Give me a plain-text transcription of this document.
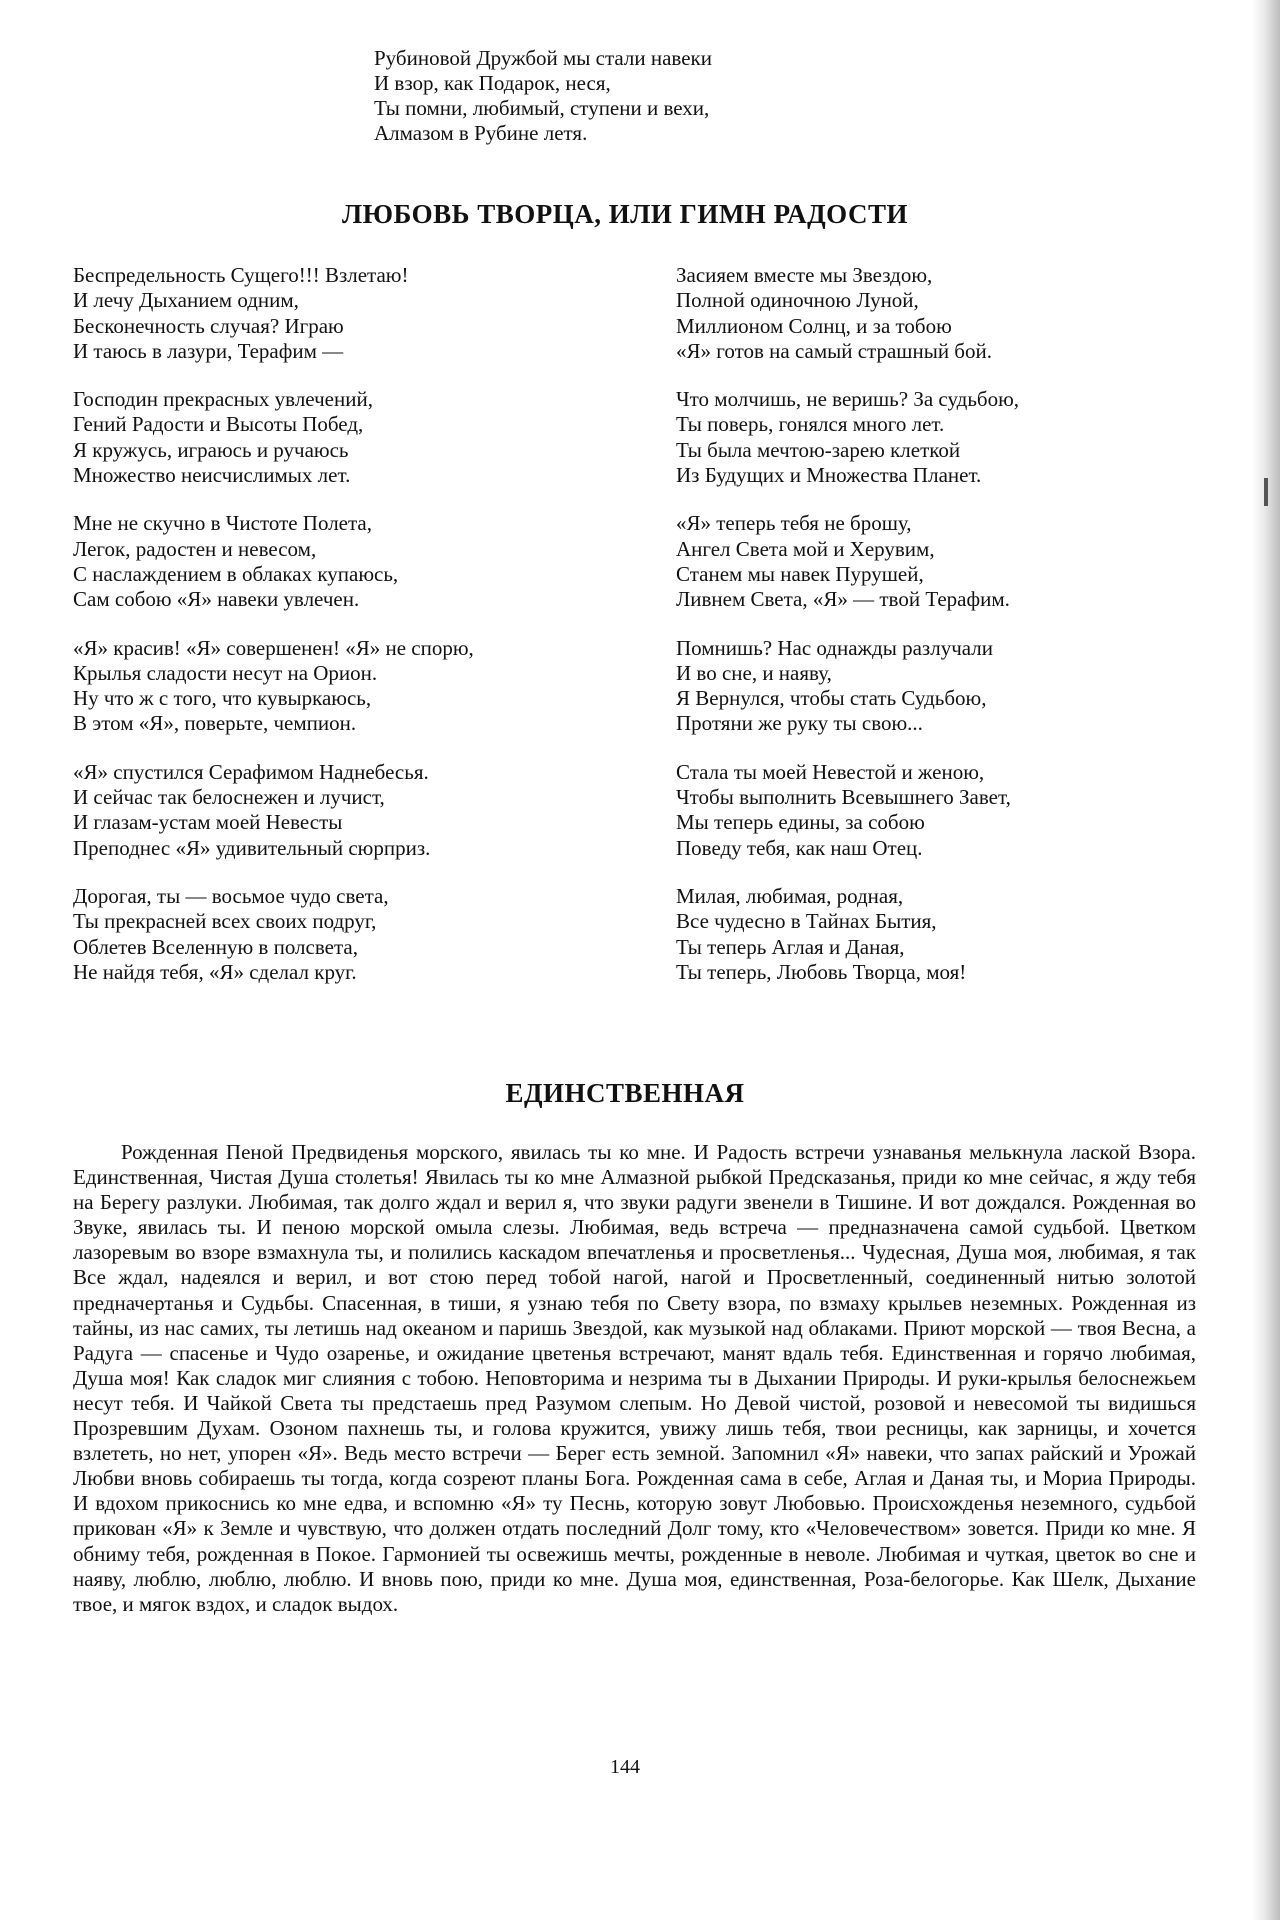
Рубиновой Дружбой мы стали навеки
И взор, как Подарок, неся,
Ты помни, любимый, ступени и вехи,
Алмазом в Рубине летя.
ЛЮБОВЬ ТВОРЦА, ИЛИ ГИМН РАДОСТИ
Беспредельность Сущего!!! Взлетаю!
И лечу Дыханием одним,
Бесконечность случая? Играю
И таюсь в лазури, Терафим —
Господин прекрасных увлечений,
Гений Радости и Высоты Побед,
Я кружусь, играюсь и ручаюсь
Множество неисчислимых лет.
Мне не скучно в Чистоте Полета,
Легок, радостен и невесом,
С наслаждением в облаках купаюсь,
Сам собою «Я» навеки увлечен.
«Я» красив! «Я» совершенен! «Я» не спорю,
Крылья сладости несут на Орион.
Ну что ж с того, что кувыркаюсь,
В этом «Я», поверьте, чемпион.
«Я» спустился Серафимом Наднебесья.
И сейчас так белоснежен и лучист,
И глазам-устам моей Невесты
Преподнес «Я» удивительный сюрприз.
Дорогая, ты — восьмое чудо света,
Ты прекрасней всех своих подруг,
Облетев Вселенную в полсвета,
Не найдя тебя, «Я» сделал круг.
Засияем вместе мы Звездою,
Полной одиночною Луной,
Миллионом Солнц, и за тобою
«Я» готов на самый страшный бой.
Что молчишь, не веришь? За судьбою,
Ты поверь, гонялся много лет.
Ты была мечтою-зарею клеткой
Из Будущих и Множества Планет.
«Я» теперь тебя не брошу,
Ангел Света мой и Херувим,
Станем мы навек Пурушей,
Ливнем Света, «Я» — твой Терафим.
Помнишь? Нас однажды разлучали
И во сне, и наяву,
Я Вернулся, чтобы стать Судьбою,
Протяни же руку ты свою...
Стала ты моей Невестой и женою,
Чтобы выполнить Всевышнего Завет,
Мы теперь едины, за собою
Поведу тебя, как наш Отец.
Милая, любимая, родная,
Все чудесно в Тайнах Бытия,
Ты теперь Аглая и Даная,
Ты теперь, Любовь Творца, моя!
ЕДИНСТВЕННАЯ
Рожденная Пеной Предвиденья морского, явилась ты ко мне. И Радость встречи узнаванья мелькнула лаской Взора. Единственная, Чистая Душа столетья! Явилась ты ко мне Алмазной рыбкой Предсказанья, приди ко мне сейчас, я жду тебя на Берегу разлуки. Любимая, так долго ждал и верил я, что звуки радуги звенели в Тишине. И вот дождался. Рожденная во Звуке, явилась ты. И пеною морской омыла слезы. Любимая, ведь встреча — предназначена самой судьбой. Цветком лазоревым во взоре взмахнула ты, и полились каскадом впечатленья и просветленья... Чудесная, Душа моя, любимая, я так Все ждал, надеялся и верил, и вот стою перед тобой нагой, нагой и Просветленный, соединенный нитью золотой предначертанья и Судьбы. Спасенная, в тиши, я узнаю тебя по Свету взора, по взмаху крыльев неземных. Рожденная из тайны, из нас самих, ты летишь над океаном и паришь Звездой, как музыкой над облаками. Приют морской — твоя Весна, а Радуга — спасенье и Чудо озаренье, и ожидание цветенья встречают, манят вдаль тебя. Единственная и горячо любимая, Душа моя! Как сладок миг слияния с тобою. Неповторима и незрима ты в Дыхании Природы. И руки-крылья белоснежьем несут тебя. И Чайкой Света ты предстаешь пред Разумом слепым. Но Девой чистой, розовой и невесомой ты видишься Прозревшим Духам. Озоном пахнешь ты, и голова кружится, увижу лишь тебя, твои ресницы, как зарницы, и хочется взлететь, но нет, упорен «Я». Ведь место встречи — Берег есть земной. Запомнил «Я» навеки, что запах райский и Урожай Любви вновь собираешь ты тогда, когда созреют планы Бога. Рожденная сама в себе, Аглая и Даная ты, и Мориа Природы. И вдохом прикоснись ко мне едва, и вспомню «Я» ту Песнь, которую зовут Любовью. Происхожденья неземного, судьбой прикован «Я» к Земле и чувствую, что должен отдать последний Долг тому, кто «Человечеством» зовется. Приди ко мне. Я обниму тебя, рожденная в Покое. Гармонией ты освежишь мечты, рожденные в неволе. Любимая и чуткая, цветок во сне и наяву, люблю, люблю, люблю. И вновь пою, приди ко мне. Душа моя, единственная, Роза-белогорье. Как Шелк, Дыхание твое, и мягок вздох, и сладок выдох.
144
